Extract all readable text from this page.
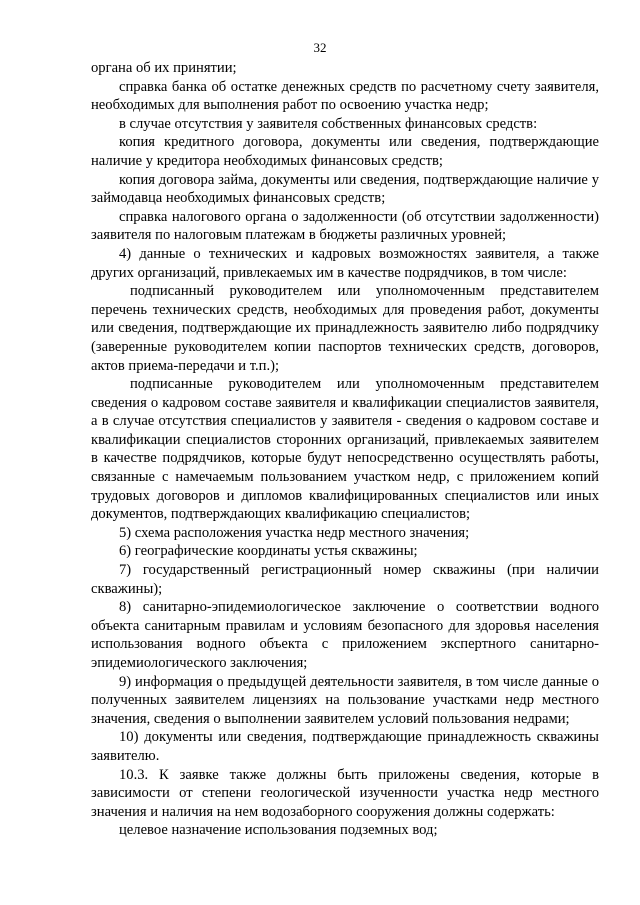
32

органа об их принятии;

справка банка об остатке денежных средств по расчетному счету заявителя, необходимых для выполнения работ по освоению участка недр;

в случае отсутствия у заявителя собственных финансовых средств:

копия кредитного договора, документы или сведения, подтверждающие наличие у кредитора необходимых финансовых средств;

копия договора займа, документы или сведения, подтверждающие наличие у займодавца необходимых финансовых средств;

справка налогового органа о задолженности (об отсутствии задолженности) заявителя по налоговым платежам в бюджеты различных уровней;

4) данные о технических и кадровых возможностях заявителя, а также других организаций, привлекаемых им в качестве подрядчиков, в том числе:

подписанный руководителем или уполномоченным представителем перечень технических средств, необходимых для проведения работ, документы или сведения, подтверждающие их принадлежность заявителю либо подрядчику (заверенные руководителем копии паспортов технических средств, договоров, актов приема-передачи и т.п.);

подписанные руководителем или уполномоченным представителем сведения о кадровом составе заявителя и квалификации специалистов заявителя, а в случае отсутствия специалистов у заявителя - сведения о кадровом составе и квалификации специалистов сторонних организаций, привлекаемых заявителем в качестве подрядчиков, которые будут непосредственно осуществлять работы, связанные с намечаемым пользованием участком недр, с приложением копий трудовых договоров и дипломов квалифицированных специалистов или иных документов, подтверждающих квалификацию специалистов;

5) схема расположения участка недр местного значения;

6) географические координаты устья скважины;

7) государственный регистрационный номер скважины (при наличии скважины);

8) санитарно-эпидемиологическое заключение о соответствии водного объекта санитарным правилам и условиям безопасного для здоровья населения использования водного объекта с приложением экспертного санитарно-эпидемиологического заключения;

9) информация о предыдущей деятельности заявителя, в том числе данные о полученных заявителем лицензиях на пользование участками недр местного значения, сведения о выполнении заявителем условий пользования недрами;

10) документы или сведения, подтверждающие принадлежность скважины заявителю.

10.3. К заявке также должны быть приложены сведения, которые в зависимости от степени геологической изученности участка недр местного значения и наличия на нем водозаборного сооружения должны содержать:

целевое назначение использования подземных вод;
